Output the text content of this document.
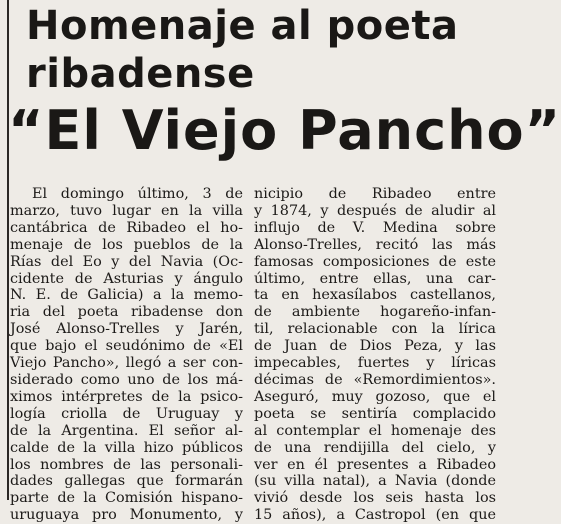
Homenaje al poeta
ribadense
“El Viejo Pancho”
El domingo último, 3 de
marzo, tuvo lugar en la villa
cantábrica de Ribadeo el ho-
menaje de los pueblos de la
Rías del Eo y del Navia (Oc-
cidente de Asturias y ángulo
N. E. de Galicia) a la memo-
ria del poeta ribadense don
José Alonso-Trelles y Jarén,
que bajo el seudónimo de «El
Viejo Pancho», llegó a ser con-
siderado como uno de los má-
ximos intérpretes de la psico-
logía criolla de Uruguay y
de la Argentina. El señor al-
calde de la villa hizo públicos
los nombres de las personali-
dades gallegas que formarán
parte de la Comisión hispano-
uruguaya pro Monumento, y
nicipio de Ribadeo entre
y 1874, y después de aludir al
influjo de V. Medina sobre
Alonso-Trelles, recitó las más
famosas composiciones de este
último, entre ellas, una car-
ta en hexasílabos castellanos,
de ambiente hogareño-infan-
til, relacionable con la lírica
de Juan de Dios Peza, y las
impecables, fuertes y líricas
décimas de «Remordimientos».
Aseguró, muy gozoso, que el
poeta se sentiría complacido
al contemplar el homenaje des
de una rendijilla del cielo, y
ver en él presentes a Ribadeo
(su villa natal), a Navia (donde
vivió desde los seis hasta los
15 años), a Castropol (en que
